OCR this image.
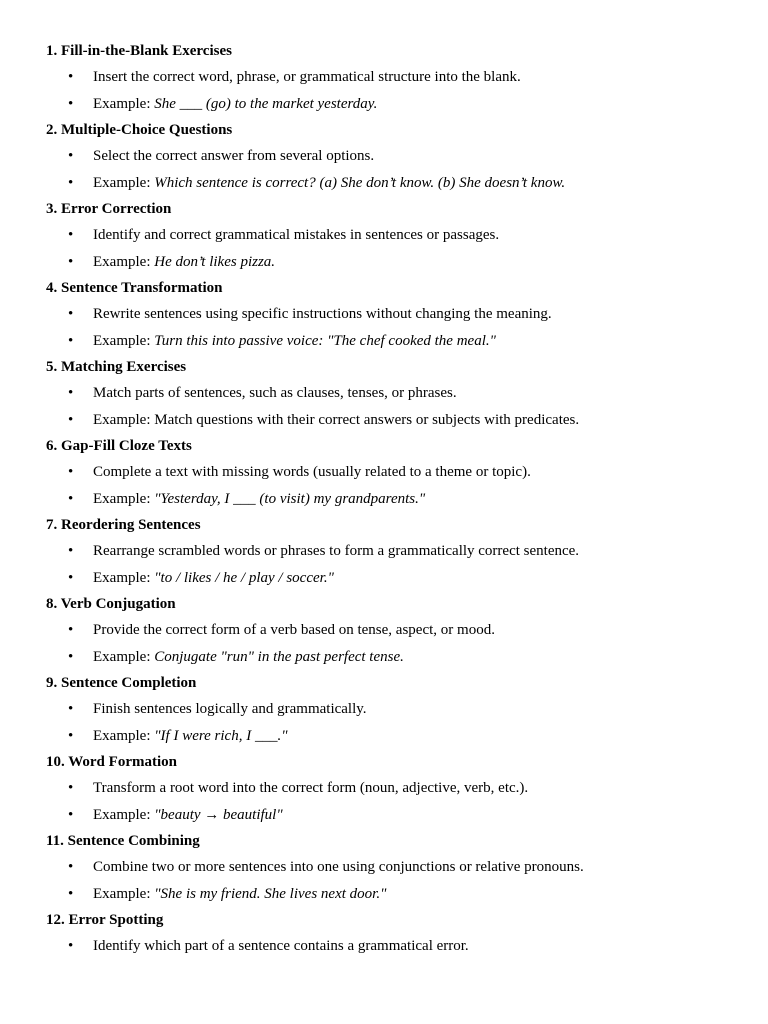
1. Fill-in-the-Blank Exercises
• Insert the correct word, phrase, or grammatical structure into the blank.
• Example: She ___ (go) to the market yesterday.
2. Multiple-Choice Questions
• Select the correct answer from several options.
• Example: Which sentence is correct? (a) She don’t know. (b) She doesn’t know.
3. Error Correction
• Identify and correct grammatical mistakes in sentences or passages.
• Example: He don’t likes pizza.
4. Sentence Transformation
• Rewrite sentences using specific instructions without changing the meaning.
• Example: Turn this into passive voice: "The chef cooked the meal."
5. Matching Exercises
• Match parts of sentences, such as clauses, tenses, or phrases.
• Example: Match questions with their correct answers or subjects with predicates.
6. Gap-Fill Cloze Texts
• Complete a text with missing words (usually related to a theme or topic).
• Example: "Yesterday, I ___ (to visit) my grandparents."
7. Reordering Sentences
• Rearrange scrambled words or phrases to form a grammatically correct sentence.
• Example: "to / likes / he / play / soccer."
8. Verb Conjugation
• Provide the correct form of a verb based on tense, aspect, or mood.
• Example: Conjugate "run" in the past perfect tense.
9. Sentence Completion
• Finish sentences logically and grammatically.
• Example: "If I were rich, I ___."
10. Word Formation
• Transform a root word into the correct form (noun, adjective, verb, etc.).
• Example: "beauty → beautiful"
11. Sentence Combining
• Combine two or more sentences into one using conjunctions or relative pronouns.
• Example: "She is my friend. She lives next door."
12. Error Spotting
• Identify which part of a sentence contains a grammatical error.
